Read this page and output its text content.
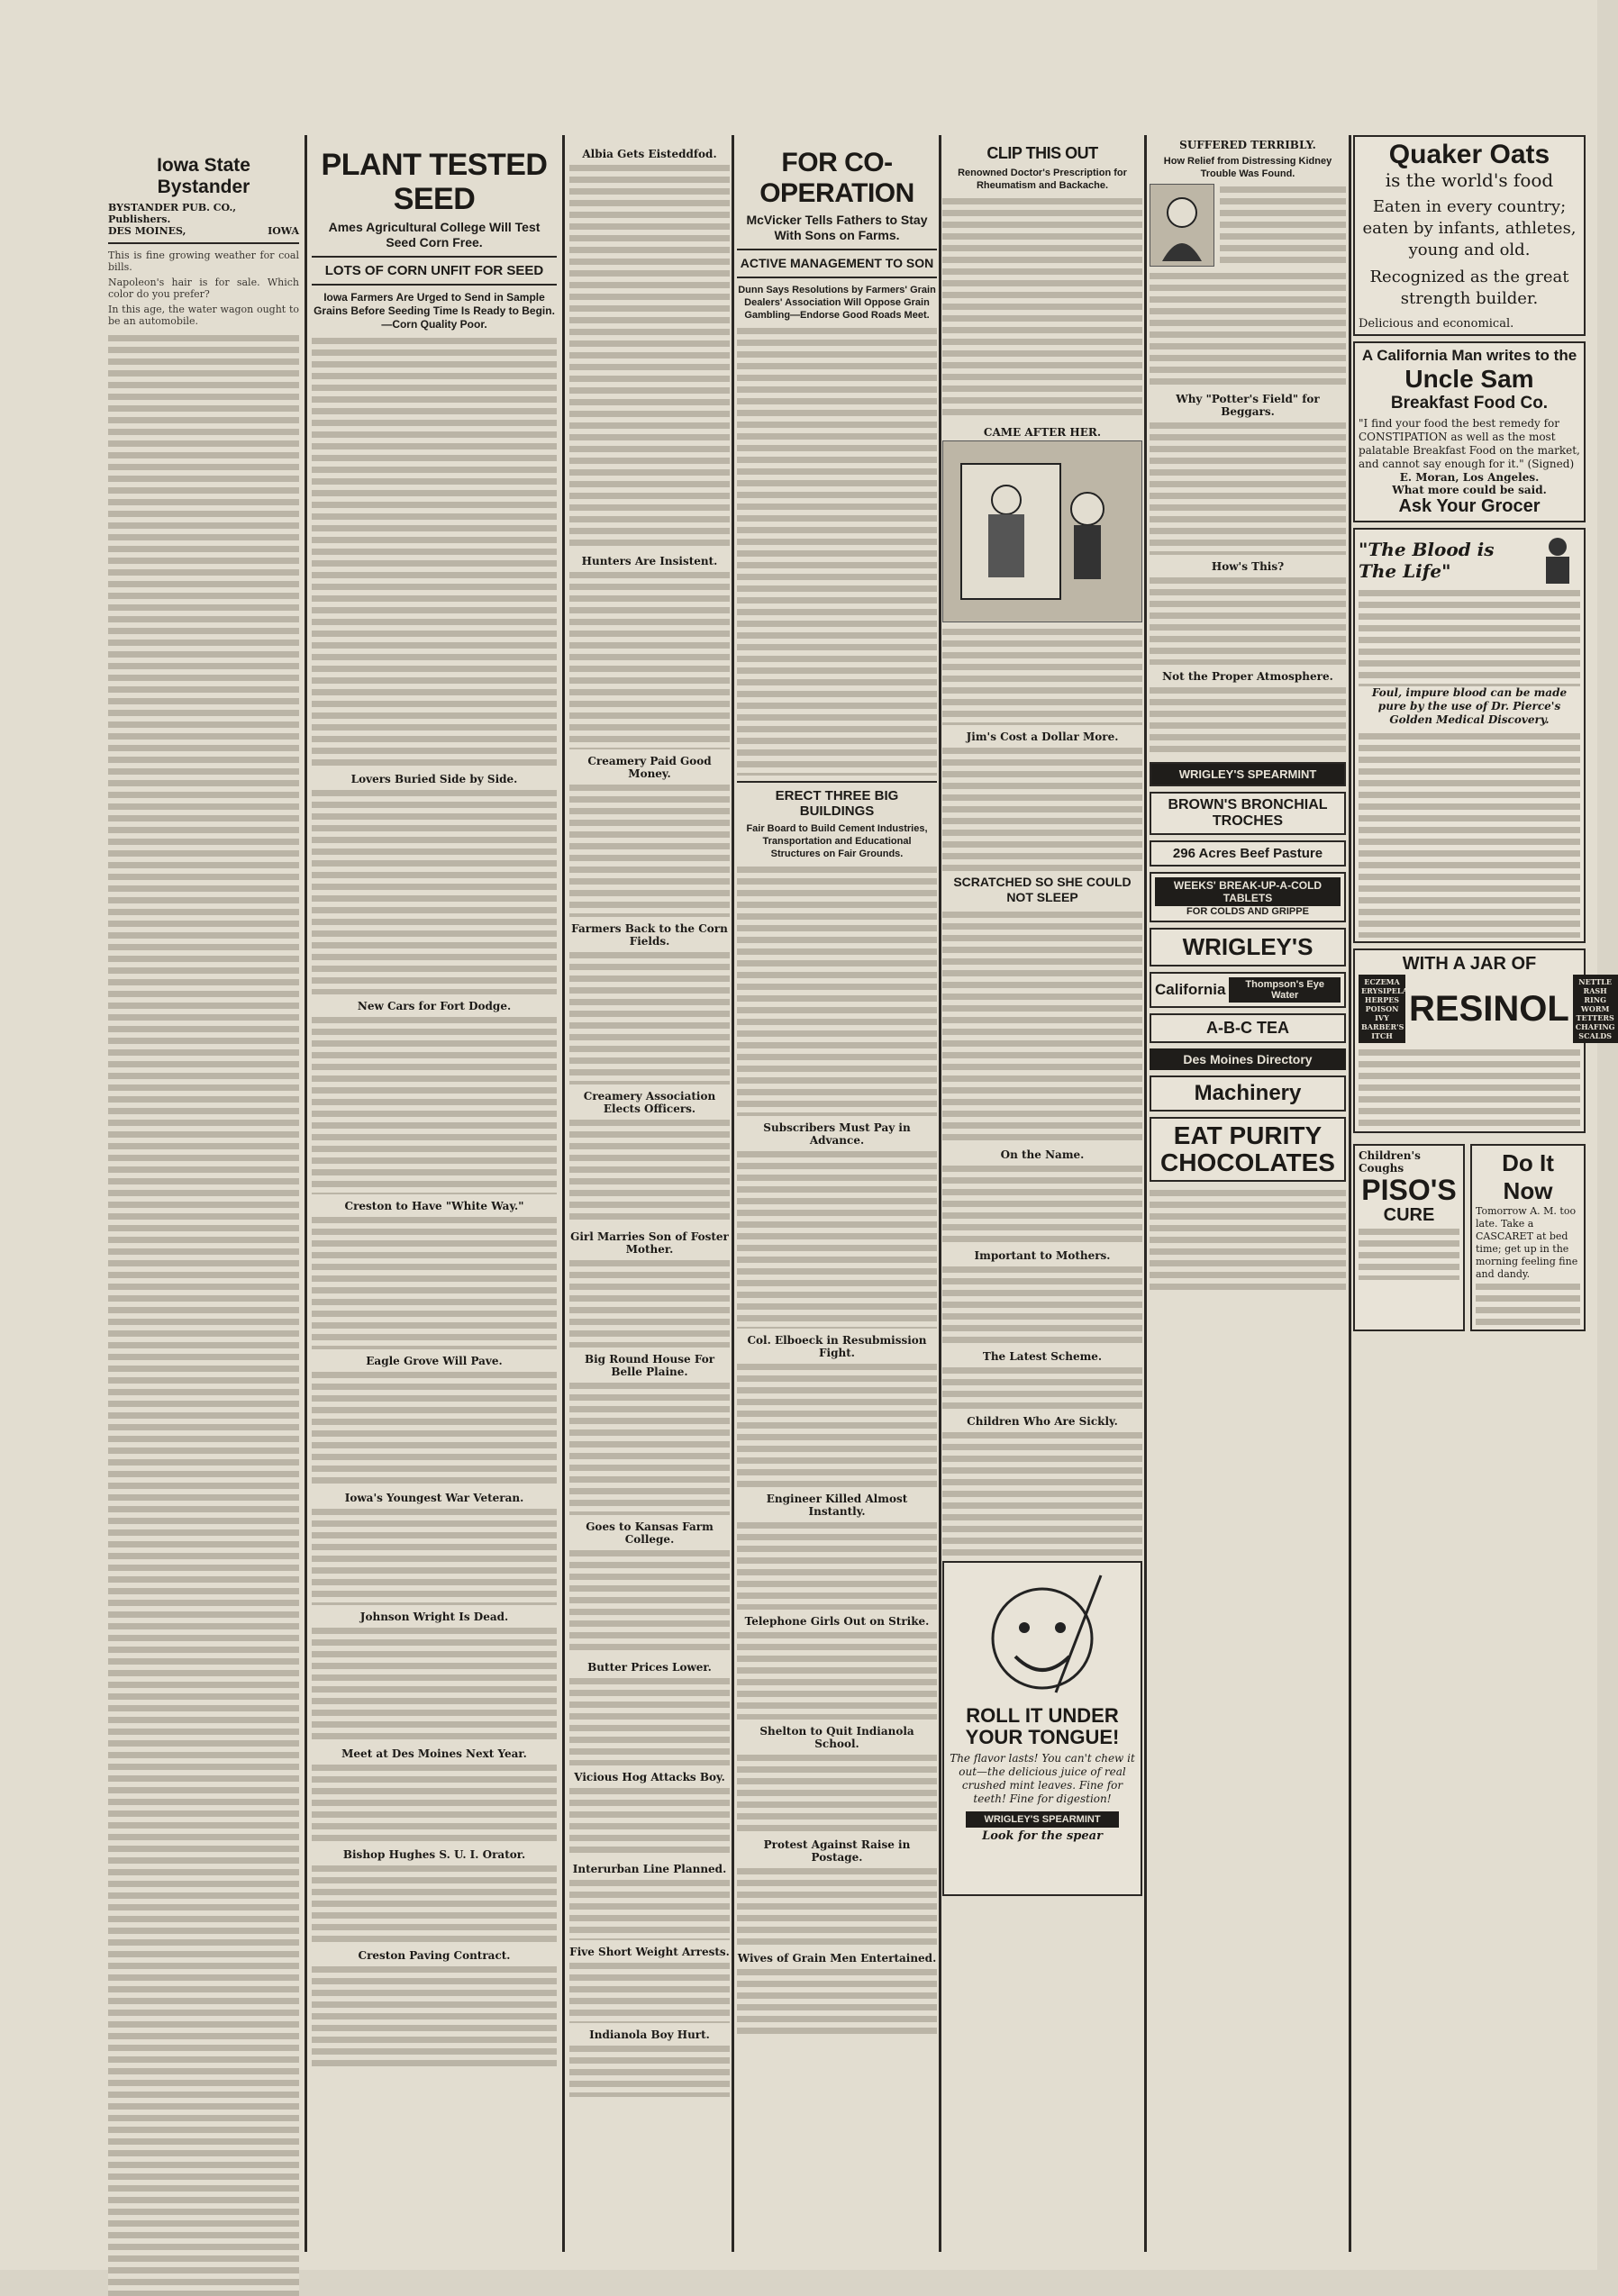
Iowa State Bystander
BYSTANDER PUB. CO., Publishers.
DES MOINES,	IOWA
This is fine growing weather for coal bills.
Napoleon's hair is for sale. Which color do you prefer?
In this age, the water wagon ought to be an automobile.
PLANT TESTED SEED
Ames Agricultural College Will Test Seed Corn Free.
LOTS OF CORN UNFIT FOR SEED
Iowa Farmers Are Urged to Send in Sample Grains Before Seeding Time Is Ready to Begin.—Corn Quality Poor.
Lovers Buried Side by Side.
New Cars for Fort Dodge.
Creston to Have "White Way."
Eagle Grove Will Pave.
Iowa's Youngest War Veteran.
Johnson Wright Is Dead.
Meet at Des Moines Next Year.
Bishop Hughes S. U. I. Orator.
Creston Paving Contract.
Albia Gets Eisteddfod.
Hunters Are Insistent.
Creamery Paid Good Money.
Farmers Back to the Corn Fields.
Creamery Association Elects Officers.
Girl Marries Son of Foster Mother.
Big Round House For Belle Plaine.
Goes to Kansas Farm College.
Butter Prices Lower.
Vicious Hog Attacks Boy.
Interurban Line Planned.
Five Short Weight Arrests.
Indianola Boy Hurt.
FOR CO-OPERATION
McVicker Tells Fathers to Stay With Sons on Farms.
ACTIVE MANAGEMENT TO SON
Dunn Says Resolutions by Farmers' Grain Dealers' Association Will Oppose Grain Gambling—Endorse Good Roads Meet.
ERECT THREE BIG BUILDINGS
Fair Board to Build Cement Industries, Transportation and Educational Structures on Fair Grounds.
Subscribers Must Pay in Advance.
Col. Elboeck in Resubmission Fight.
Engineer Killed Almost Instantly.
Telephone Girls Out on Strike.
Shelton to Quit Indianola School.
Protest Against Raise in Postage.
Wives of Grain Men Entertained.
CLIP THIS OUT
Renowned Doctor's Prescription for Rheumatism and Backache.
CAME AFTER HER.
Jim's Cost a Dollar More.
SCRATCHED SO SHE COULD NOT SLEEP
On the Name.
Important to Mothers.
The Latest Scheme.
Children Who Are Sickly.
ROLL IT UNDER
YOUR TONGUE!
The flavor lasts! You can't chew it out—the delicious juice of real crushed mint leaves. Fine for teeth! Fine for digestion!
WRIGLEY'S SPEARMINT
Look for the spear
SUFFERED TERRIBLY.
How Relief from Distressing Kidney Trouble Was Found.
Why "Potter's Field" for Beggars.
How's This?
Not the Proper Atmosphere.
WRIGLEY'S SPEARMINT
BROWN'S BRONCHIAL TROCHES
296 Acres Beef Pasture
WEEKS' BREAK-UP-A-COLD TABLETS
FOR COLDS AND GRIPPE
WRIGLEY'S
California	Thompson's Eye Water
A-B-C TEA
Des Moines Directory
Machinery
EAT PURITY
CHOCOLATES
Quaker Oats
is the world's food
Eaten in every country; eaten by infants, athletes, young and old.
Recognized as the great strength builder.
Delicious and economical.
A California Man writes to the
Uncle Sam
Breakfast Food Co.
"I find your food the best remedy for CONSTIPATION as well as the most palatable Breakfast Food on the market, and cannot say enough for it." (Signed)
E. Moran, Los Angeles.
What more could be said.
Ask Your Grocer
"The Blood is The Life"
Foul, impure blood can be made pure by the use of Dr. Pierce's Golden Medical Discovery.
WITH A JAR OF
ECZEMA ERYSIPELAS HERPES POISON IVY BARBER'S ITCH
RESINOL
NETTLE RASH RING WORM TETTERS CHAFING SCALDS
Children's Coughs
PISO'S
CURE
Do It Now
Tomorrow A. M. too late. Take a CASCARET at bed time; get up in the morning feeling fine and dandy.
